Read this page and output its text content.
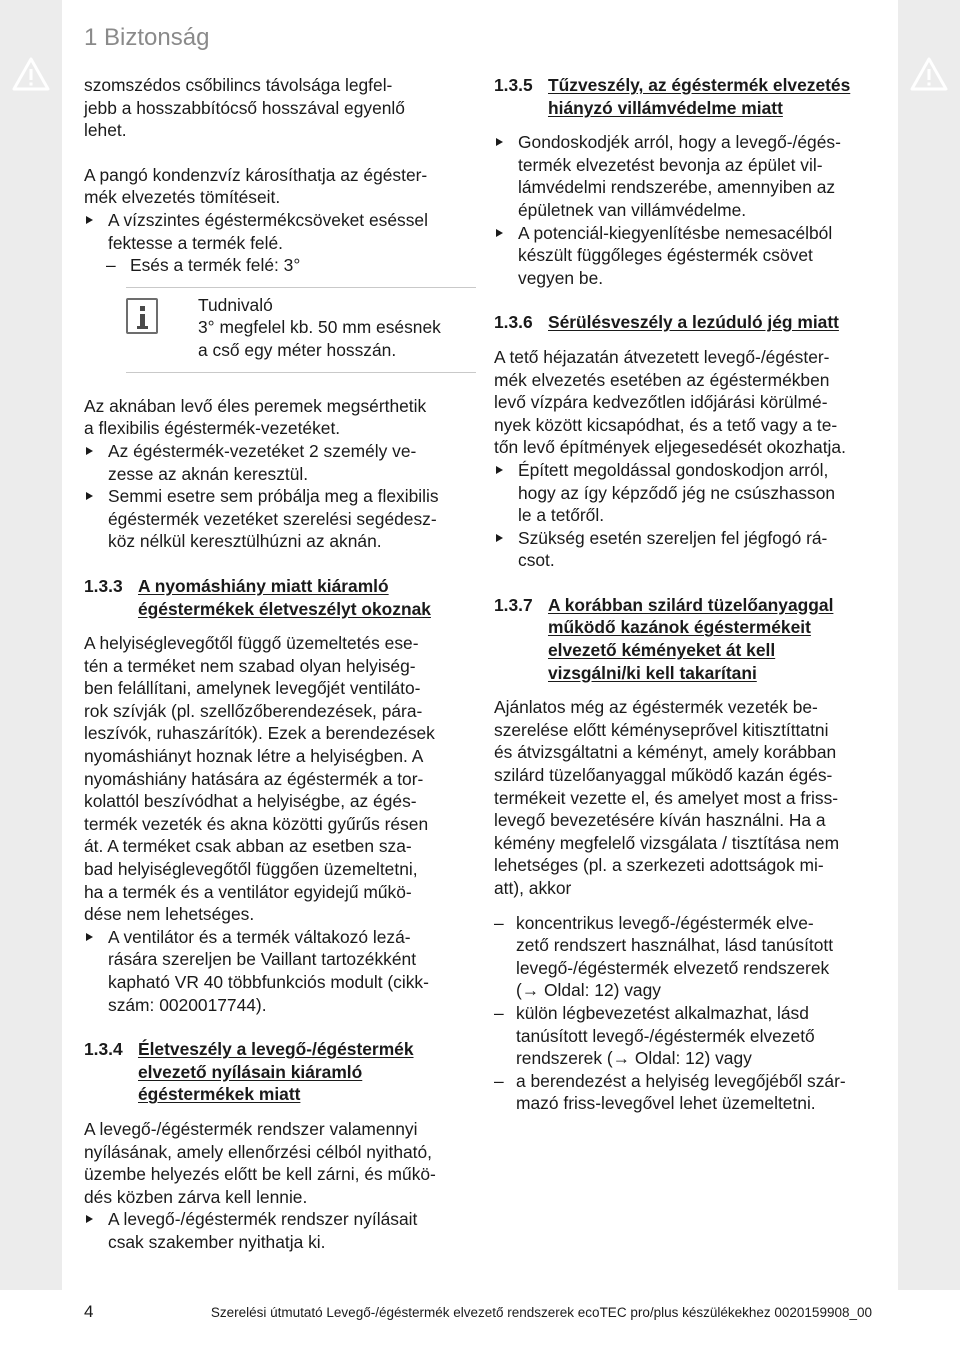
1 Biztonság

szomszédos csőbilincs távolsága legfel-
jebb a hosszabbítócső hosszával egyenlő
lehet.

A pangó kondenzvíz károsíthatja az égéster-
mék elvezetés tömítéseit.

A vízszintes égéstermékcsöveket eséssel
fektesse a termék felé.
– Esés a termék felé: 3°
Tudnivaló
3° megfelel kb. 50 mm esésnek
a cső egy méter hosszán.

Az aknában levő éles peremek megsérthetik
a flexibilis égéstermék-vezetéket.

Az égéstermék-vezetéket 2 személy ve-
zesse az aknán keresztül.
Semmi esetre sem próbálja meg a flexibilis
égéstermék vezetéket szerelési segédesz-
köz nélkül keresztülhúzni az aknán.
1.3.3 A nyomáshiány miatt kiáramló
égéstermékek életveszélyt okoznak

A helyiséglevegőtől függő üzemeltetés ese-
tén a terméket nem szabad olyan helyiség-
ben felállítani, amelynek levegőjét ventiláto-
rok szívják (pl. szellőzőberendezések, pára-
leszívók, ruhaszárítók). Ezek a berendezések
nyomáshiányt hoznak létre a helyiségben. A
nyomáshiány hatására az égéstermék a tor-
kolattól beszívódhat a helyiségbe, az égés-
termék vezeték és akna közötti gyűrűs résen
át. A terméket csak abban az esetben sza-
bad helyiséglevegőtől függően üzemeltetni,
ha a termék és a ventilátor egyidejű műkö-
dése nem lehetséges.

A ventilátor és a termék váltakozó lezá-
rására szereljen be Vaillant tartozékként
kapható VR 40 többfunkciós modult (cikk-
szám: 0020017744).
1.3.4 Életveszély a levegő-/égéstermék
elvezető nyílásain kiáramló
égéstermékek miatt

A levegő-/égéstermék rendszer valamennyi
nyílásának, amely ellenőrzési célból nyitható,
üzembe helyezés előtt be kell zárni, és műkö-
dés közben zárva kell lennie.

A levegő-/égéstermék rendszer nyílásait
csak szakember nyithatja ki.
1.3.5 Tűzveszély, az égéstermék elvezetés
hiányzó villámvédelme miatt
Gondoskodjék arról, hogy a levegő-/égés-
termék elvezetést bevonja az épület vil-
lámvédelmi rendszerébe, amennyiben az
épületnek van villámvédelme.
A potenciál-kiegyenlítésbe nemesacélból
készült függőleges égéstermék csövet
vegyen be.
1.3.6 Sérülésveszély a lezúduló jég miatt

A tető héjazatán átvezetett levegő-/égéster-
mék elvezetés esetében az égéstermékben
levő vízpára kedvezőtlen időjárási körülmé-
nyek között kicsapódhat, és a tető vagy a te-
tőn levő építmények eljegesedését okozhatja.

Épített megoldással gondoskodjon arról,
hogy az így képződő jég ne csúszhasson
le a tetőről.
Szükség esetén szereljen fel jégfogó rá-
csot.
1.3.7 A korábban szilárd tüzelőanyaggal
működő kazánok égéstermékeit
elvezető kéményeket át kell
vizsgálni/ki kell takarítani

Ajánlatos még az égéstermék vezeték be-
szerelése előtt kéményseprővel kitisztíttatni
és átvizsgáltatni a kéményt, amely korábban
szilárd tüzelőanyaggal működő kazán égés-
termékeit vezette el, és amelyet most a friss-
levegő bevezetésére kíván használni. Ha a
kémény megfelelő vizsgálata / tisztítása nem
lehetséges (pl. a szerkezeti adottságok mi-
att), akkor

– koncentrikus levegő-/égéstermék elve-
zető rendszert használhat, lásd tanúsított
levegő-/égéstermék elvezető rendszerek
(→ Oldal: 12) vagy
– külön légbevezetést alkalmazhat, lásd
tanúsított levegő-/égéstermék elvezető
rendszerek (→ Oldal: 12) vagy
– a berendezést a helyiség levegőjéből szár-
mazó friss-levegővel lehet üzemeltetni.
4	Szerelési útmutató Levegő-/égéstermék elvezető rendszerek ecoTEC pro/plus készülékekhez 0020159908_00
